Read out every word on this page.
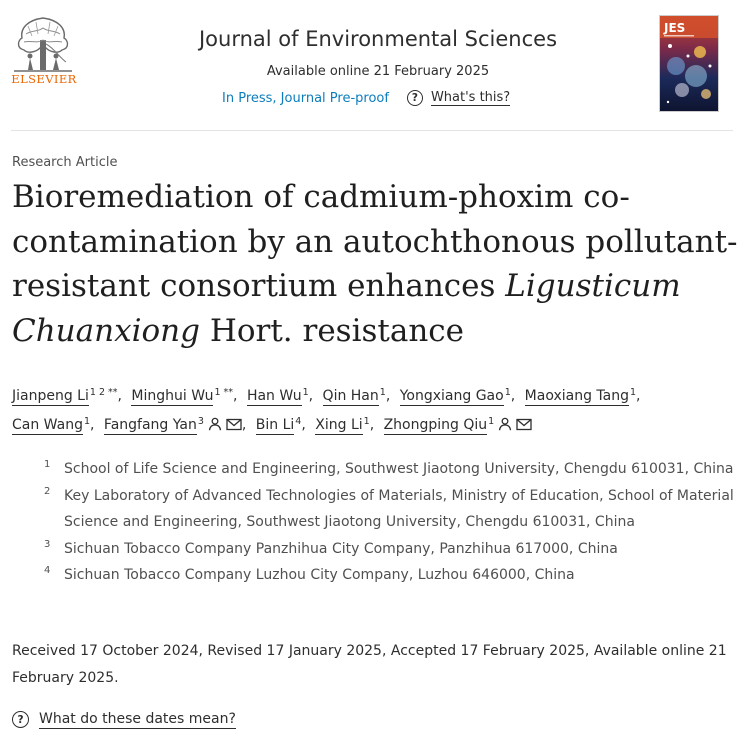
ELSEVIER
Journal of Environmental Sciences
Available online 21 February 2025
In Press, Journal Pre-proof	? What's this?
JES
Research Article
Bioremediation of cadmium-phoxim co-contamination by an autochthonous pollutant-resistant consortium enhances Ligusticum Chuanxiong Hort. resistance
Jianpeng $Li^{1 2 **}$, Minghui $Wu^{1 **}$, Han Wu$^1$, Qin Han$^1$, Yongxiang Gao$^1$, Maoxiang Tang$^1$,
Can Wang$^1$, Fangfang Yan$^3$	, Bin Li$^4$, Xing Li$^1$, Zhongping Qiu$^1$
1 School of Life Science and Engineering, Southwest Jiaotong University, Chengdu 610031, China
2 Key Laboratory of Advanced Technologies of Materials, Ministry of Education, School of Material Science and Engineering, Southwest Jiaotong University, Chengdu 610031, China
3 Sichuan Tobacco Company Panzhihua City Company, Panzhihua 617000, China
4 Sichuan Tobacco Company Luzhou City Company, Luzhou 646000, China
Received 17 October 2024, Revised 17 January 2025, Accepted 17 February 2025, Available online 21 February 2025.
?	What do these dates mean?
